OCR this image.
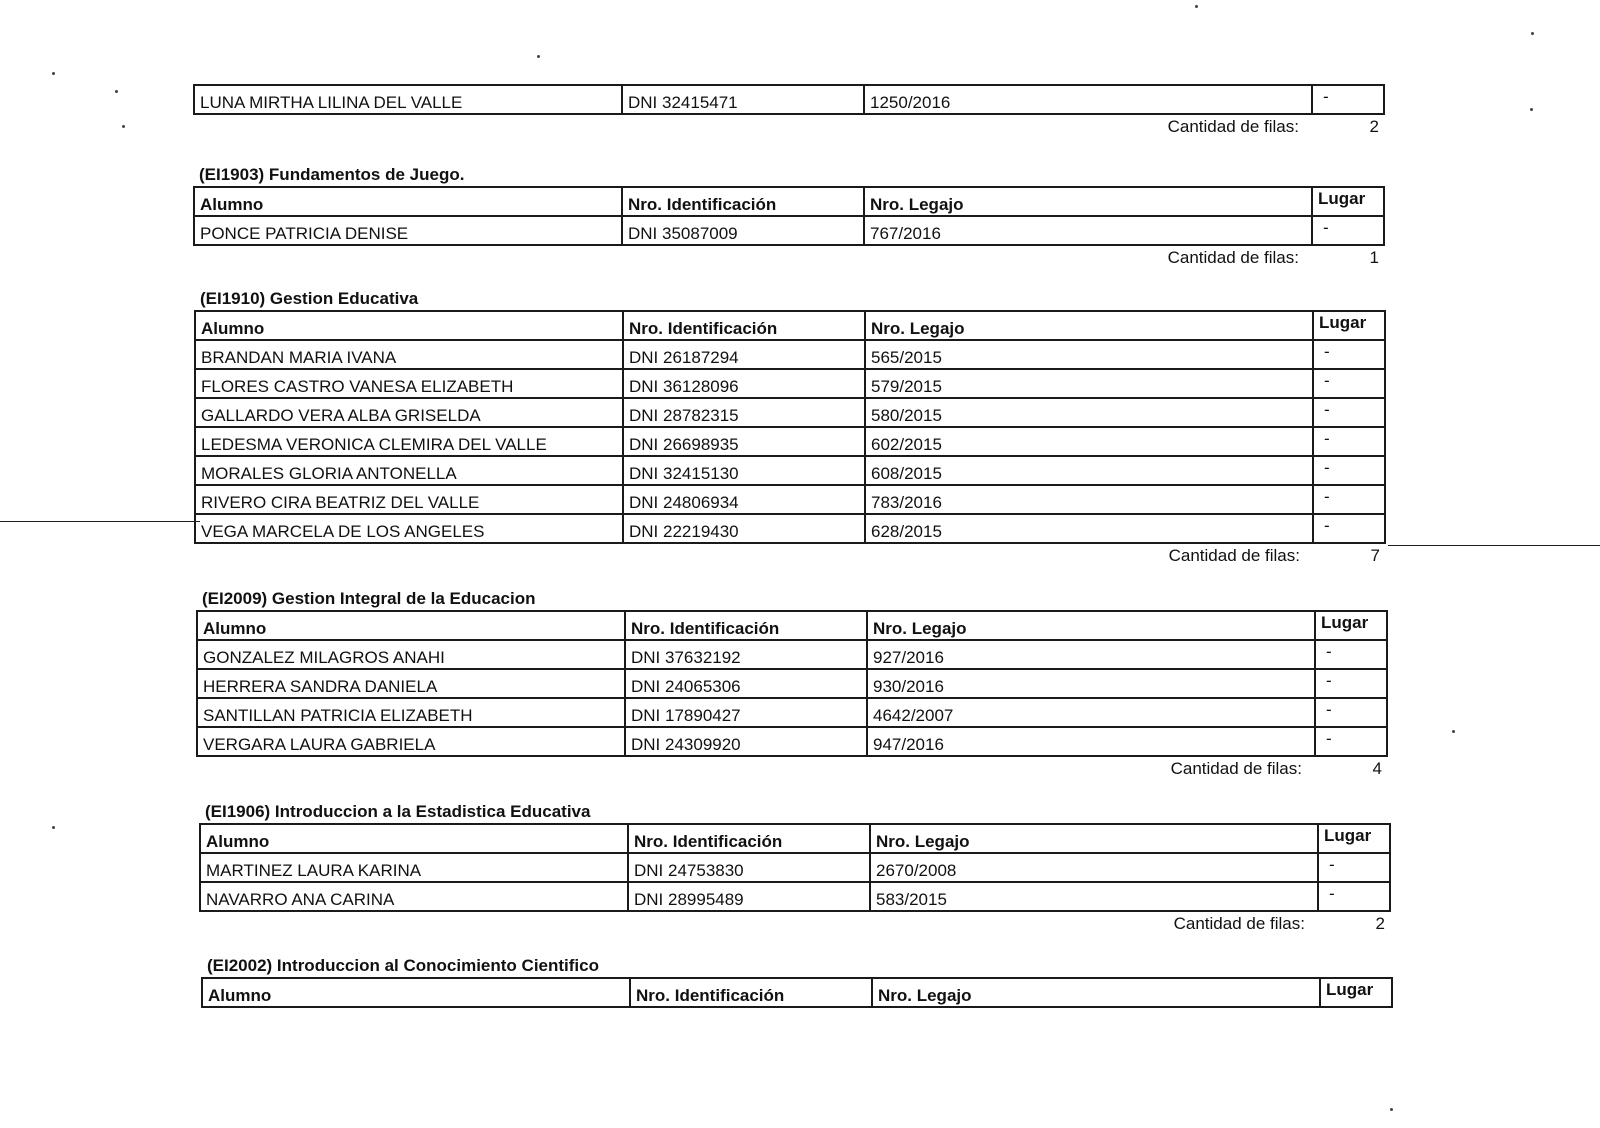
LUNA MIRTHA LILINA DEL VALLE	DNI 32415471	1250/2016	-
Cantidad de filas:	2
(EI1903) Fundamentos de Juego.
Alumno	Nro. Identificación	Nro. Legajo	Lugar
PONCE PATRICIA DENISE	DNI 35087009	767/2016	-
Cantidad de filas:	1
(EI1910) Gestion Educativa
Alumno	Nro. Identificación	Nro. Legajo	Lugar
BRANDAN MARIA IVANA	DNI 26187294	565/2015	-
FLORES CASTRO VANESA ELIZABETH	DNI 36128096	579/2015	-
GALLARDO VERA ALBA GRISELDA	DNI 28782315	580/2015	-
LEDESMA VERONICA CLEMIRA DEL VALLE	DNI 26698935	602/2015	-
MORALES GLORIA ANTONELLA	DNI 32415130	608/2015	-
RIVERO CIRA BEATRIZ DEL VALLE	DNI 24806934	783/2016	-
VEGA MARCELA DE LOS ANGELES	DNI 22219430	628/2015	-
Cantidad de filas:	7
(EI2009) Gestion Integral de la Educacion
Alumno	Nro. Identificación	Nro. Legajo	Lugar
GONZALEZ MILAGROS ANAHI	DNI 37632192	927/2016	-
HERRERA SANDRA DANIELA	DNI 24065306	930/2016	-
SANTILLAN PATRICIA ELIZABETH	DNI 17890427	4642/2007	-
VERGARA LAURA GABRIELA	DNI 24309920	947/2016	-
Cantidad de filas:	4
(EI1906) Introduccion a la Estadistica Educativa
Alumno	Nro. Identificación	Nro. Legajo	Lugar
MARTINEZ LAURA KARINA	DNI 24753830	2670/2008	-
NAVARRO ANA CARINA	DNI 28995489	583/2015	-
Cantidad de filas:	2
(EI2002) Introduccion al Conocimiento Cientifico
Alumno	Nro. Identificación	Nro. Legajo	Lugar
